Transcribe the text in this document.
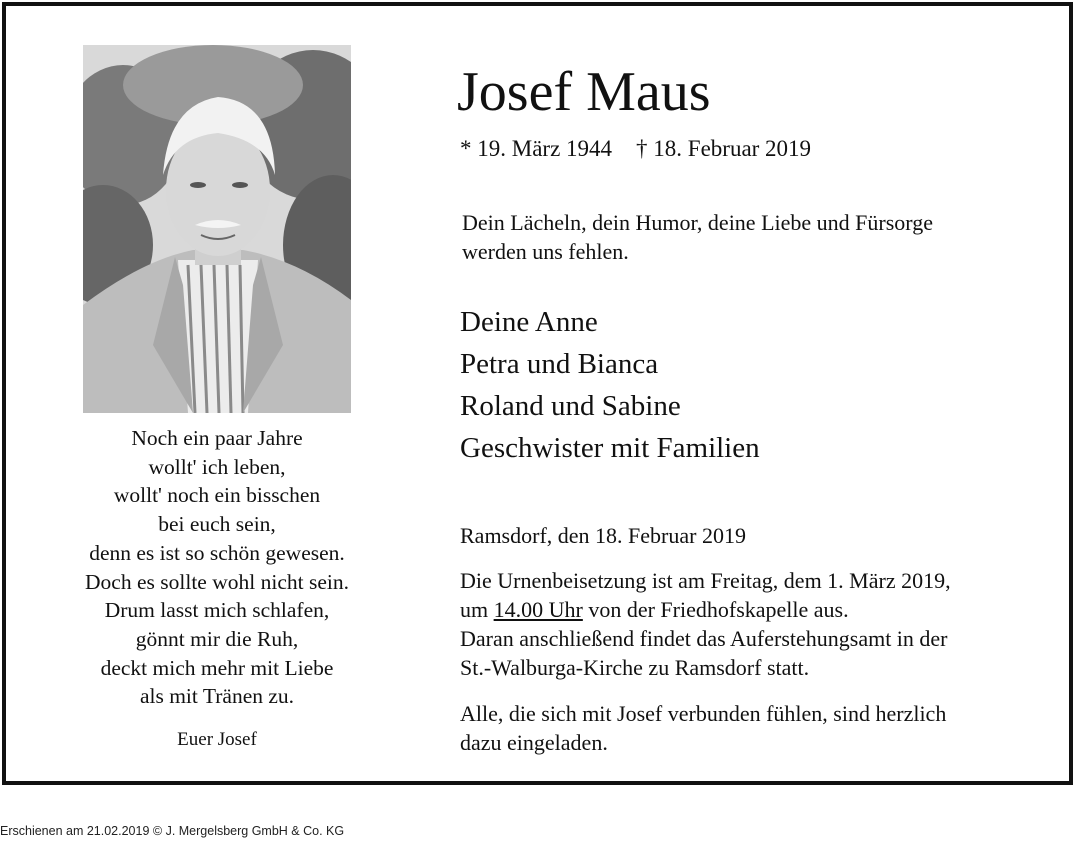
Noch ein paar Jahre
wollt' ich leben,
wollt' noch ein bisschen
bei euch sein,
denn es ist so schön gewesen.
Doch es sollte wohl nicht sein.
Drum lasst mich schlafen,
gönnt mir die Ruh,
deckt mich mehr mit Liebe
als mit Tränen zu.
Euer Josef
Josef Maus
* 19. März 1944 † 18. Februar 2019
Dein Lächeln, dein Humor, deine Liebe und Fürsorge
werden uns fehlen.
Deine Anne
Petra und Bianca
Roland und Sabine
Geschwister mit Familien
Ramsdorf, den 18. Februar 2019
Die Urnenbeisetzung ist am Freitag, dem 1. März 2019,
um 14.00 Uhr von der Friedhofskapelle aus.
Daran anschließend findet das Auferstehungsamt in der
St.-Walburga-Kirche zu Ramsdorf statt.
Alle, die sich mit Josef verbunden fühlen, sind herzlich
dazu eingeladen.
Erschienen am 21.02.2019 © J. Mergelsberg GmbH & Co. KG
